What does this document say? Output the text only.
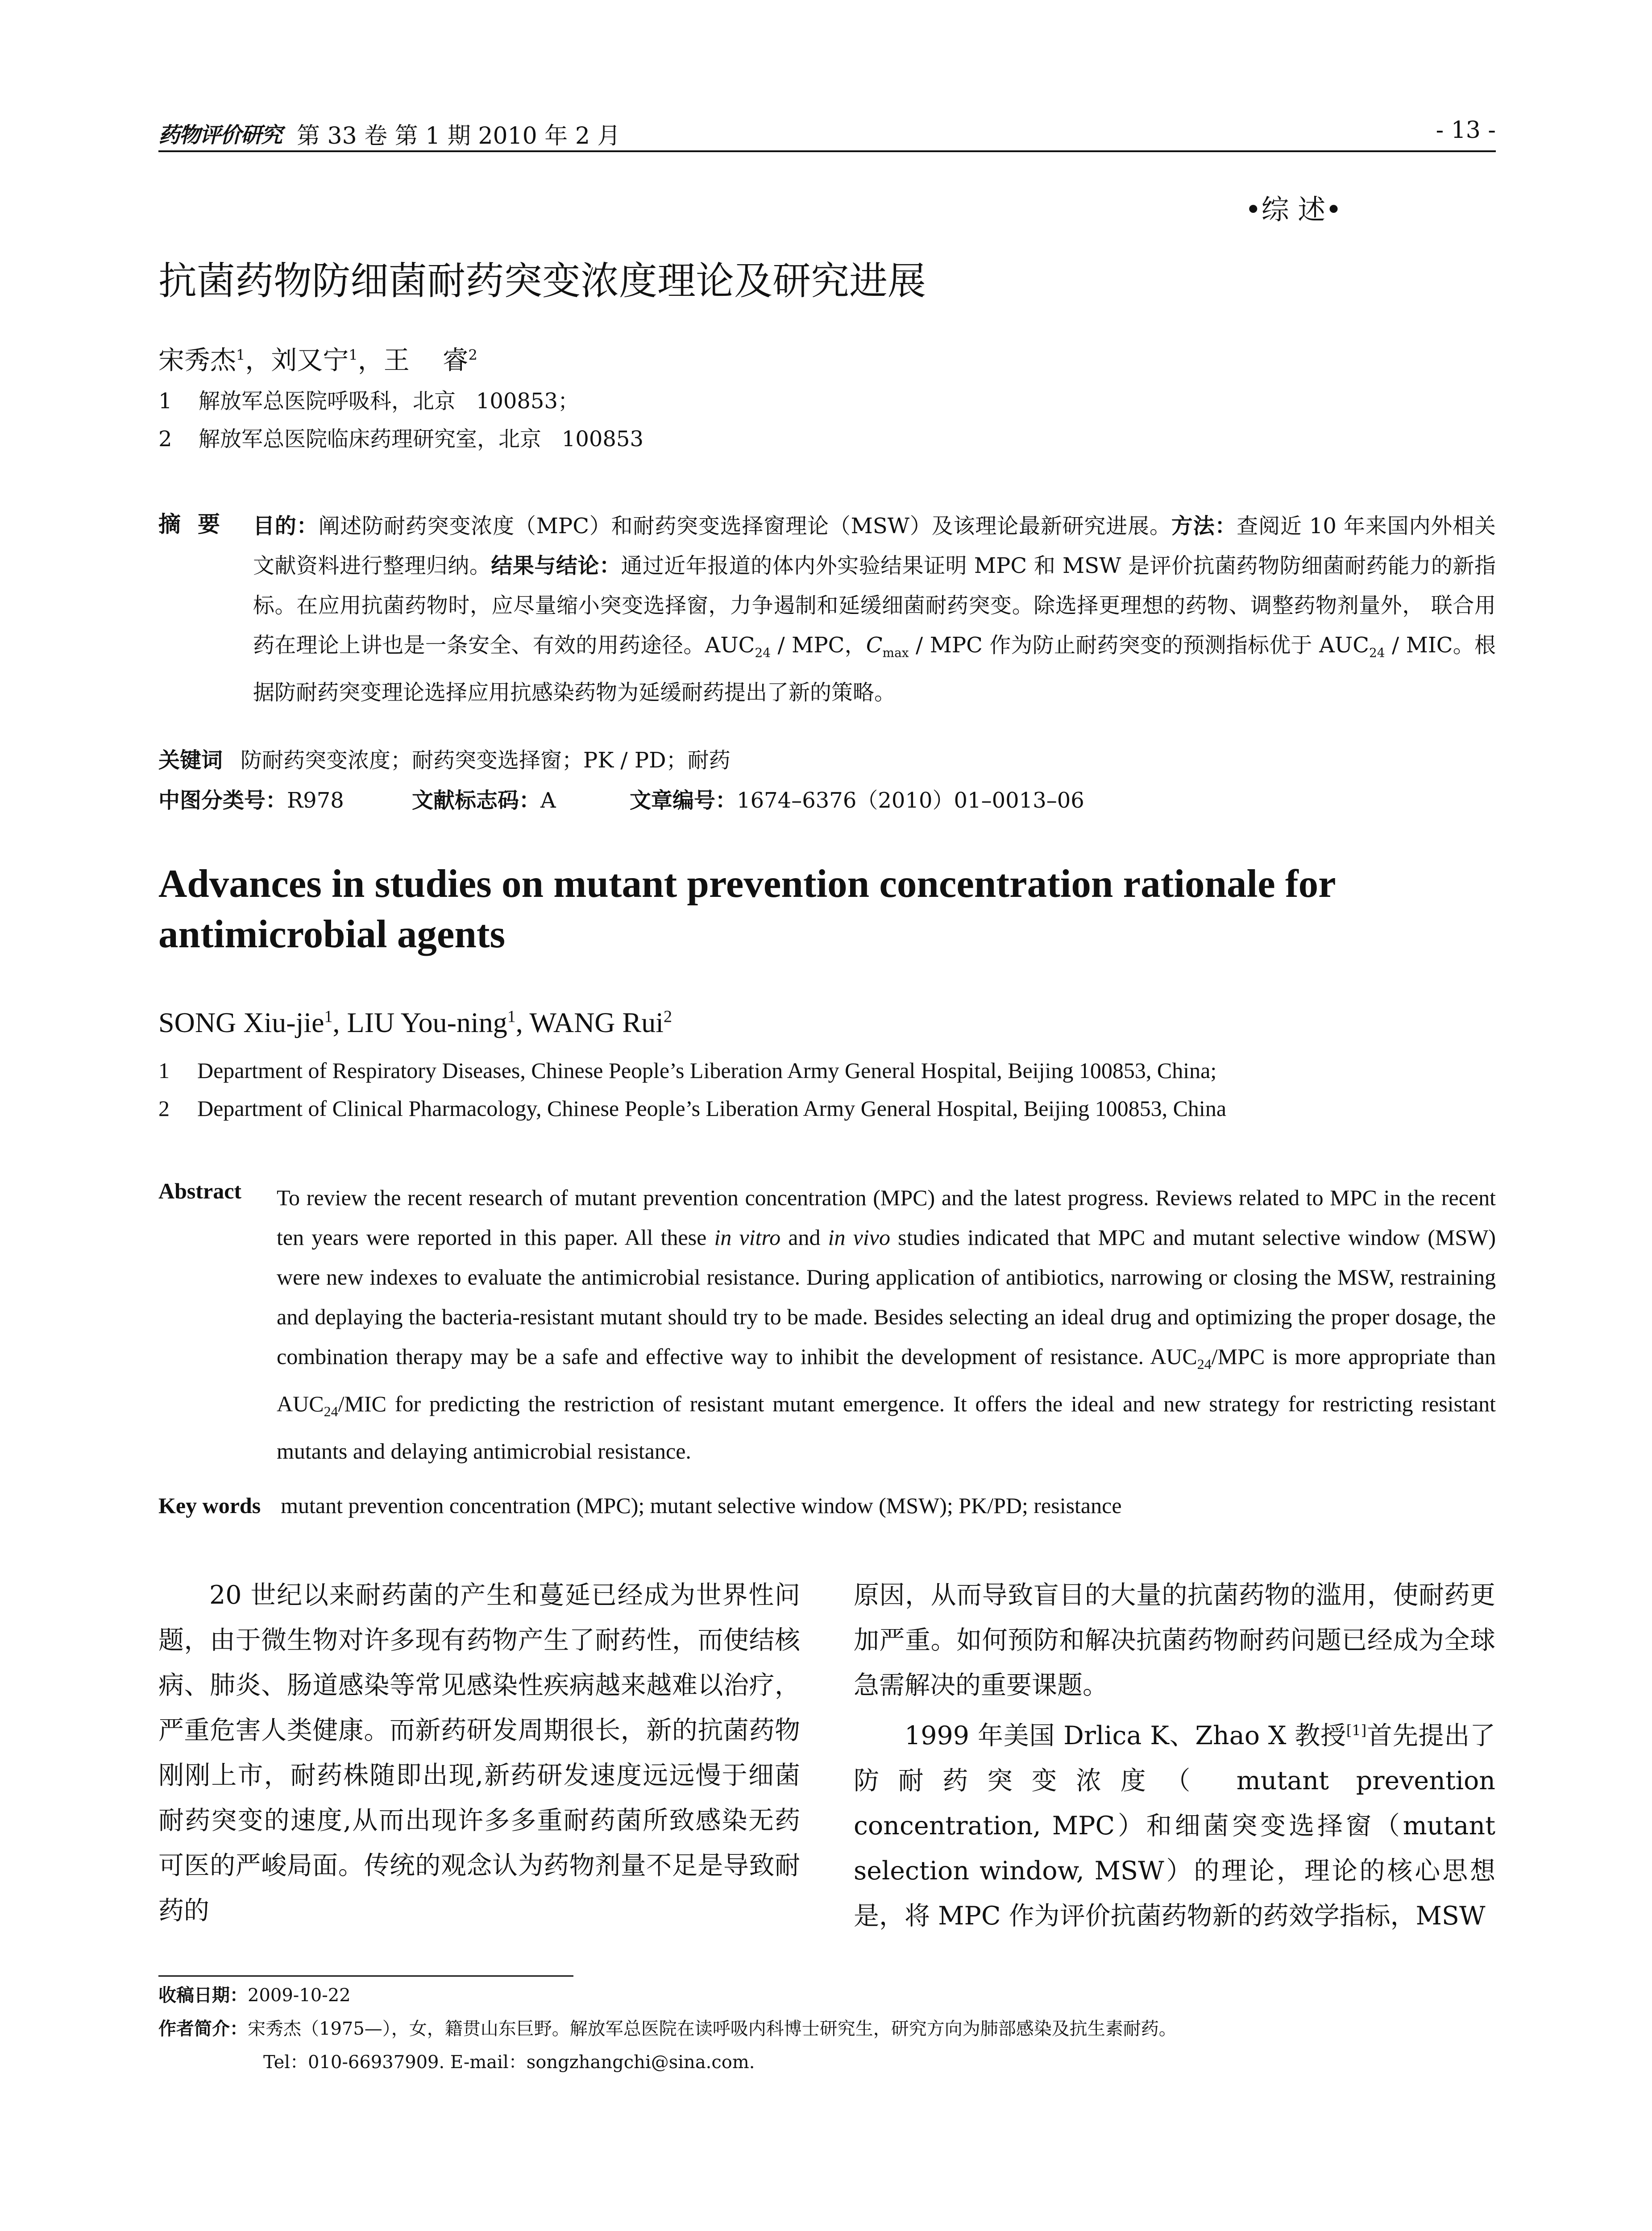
药物评价研究 第 33 卷 第 1 期 2010 年 2 月	- 13 -
•综 述•
抗菌药物防细菌耐药突变浓度理论及研究进展
宋秀杰$^1$，刘又宁$^1$，王    睿$^2$
1 解放军总医院呼吸科，北京   100853；
2 解放军总医院临床药理研究室，北京   100853
摘要 目的：阐述防耐药突变浓度（MPC）和耐药突变选择窗理论（MSW）及该理论最新研究进展。方法：查阅近 10 年来国内外相关文献资料进行整理归纳。结果与结论：通过近年报道的体内外实验结果证明 MPC 和 MSW 是评价抗菌药物防细菌耐药能力的新指标。在应用抗菌药物时，应尽量缩小突变选择窗，力争遏制和延缓细菌耐药突变。除选择更理想的药物、调整药物剂量外， 联合用药在理论上讲也是一条安全、有效的用药途径。$AUC_{24}$ / MPC，$C_{max}$ / MPC 作为防止耐药突变的预测指标优于 $AUC_{24}$ / MIC。根据防耐药突变理论选择应用抗感染药物为延缓耐药提出了新的策略。
关键词 防耐药突变浓度；耐药突变选择窗；PK / PD；耐药
中图分类号：R978	文献标志码：A	文章编号：1674–6376（2010）01–0013–06
Advances in studies on mutant prevention concentration rationale for antimicrobial agents
SONG Xiu-jie$^1$, LIU You-ning$^1$, WANG Rui$^2$
1 Department of Respiratory Diseases, Chinese People’s Liberation Army General Hospital, Beijing 100853, China;
2 Department of Clinical Pharmacology, Chinese People’s Liberation Army General Hospital, Beijing 100853, China
Abstract To review the recent research of mutant prevention concentration (MPC) and the latest progress. Reviews related to MPC in the recent ten years were reported in this paper. All these in vitro and in vivo studies indicated that MPC and mutant selective window (MSW) were new indexes to evaluate the antimicrobial resistance. During application of antibiotics, narrowing or closing the MSW, restraining and deplaying the bacteria-resistant mutant should try to be made. Besides selecting an ideal drug and optimizing the proper dosage, the combination therapy may be a safe and effective way to inhibit the development of resistance. $AUC_{24}$/MPC is more appropriate than $AUC_{24}$/MIC for predicting the restriction of resistant mutant emergence. It offers the ideal and new strategy for restricting resistant mutants and delaying antimicrobial resistance.
Key words mutant prevention concentration (MPC); mutant selective window (MSW); PK/PD; resistance

20 世纪以来耐药菌的产生和蔓延已经成为世界性问题，由于微生物对许多现有药物产生了耐药性，而使结核病、肺炎、肠道感染等常见感染性疾病越来越难以治疗，严重危害人类健康。而新药研发周期很长，新的抗菌药物刚刚上市，耐药株随即出现,新药研发速度远远慢于细菌耐药突变的速度,从而出现许多多重耐药菌所致感染无药可医的严峻局面。传统的观念认为药物剂量不足是导致耐药的

原因，从而导致盲目的大量的抗菌药物的滥用，使耐药更加严重。如何预防和解决抗菌药物耐药问题已经成为全球急需解决的重要课题。

1999 年美国 Drlica K、Zhao X 教授[1]首先提出了防耐药突变浓度（ mutant prevention concentration, MPC）和细菌突变选择窗（mutant selection window, MSW）的理论，理论的核心思想是，将 MPC 作为评价抗菌药物新的药效学指标，MSW

收稿日期：2009-10-22
作者简介：宋秀杰（1975—），女，籍贯山东巨野。解放军总医院在读呼吸内科博士研究生，研究方向为肺部感染及抗生素耐药。
Tel：010-66937909. E-mail：songzhangchi@sina.com.
